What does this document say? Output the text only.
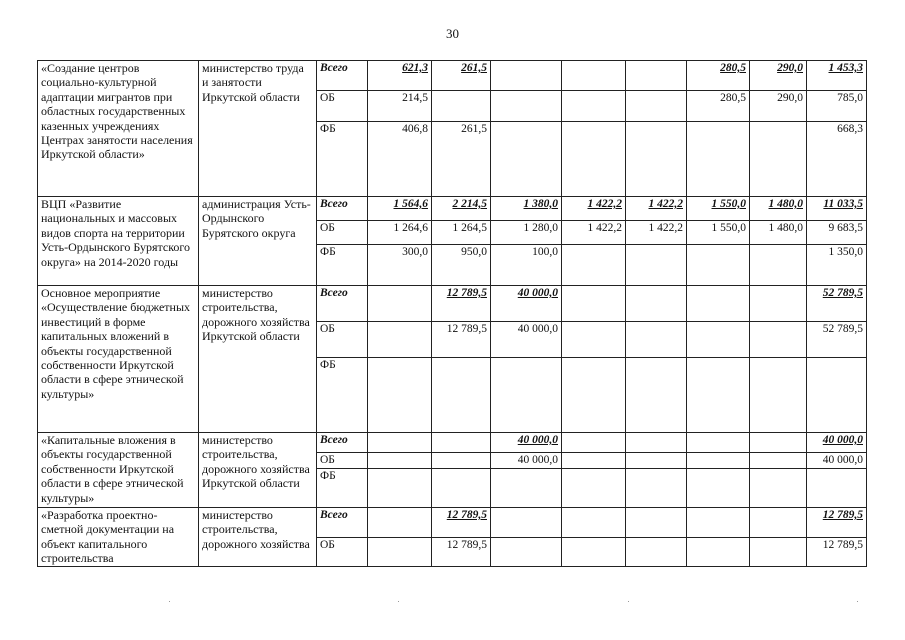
30
«Создание центров социально-культурной адаптации мигрантов при областных государственных казенных учреждениях Центрах занятости населения Иркутской области»	министерство труда и занятости Иркутской области	Всего	621,3	261,5				280,5	290,0	1 453,3
		ОБ	214,5					280,5	290,0	785,0
		ФБ	406,8	261,5						668,3
ВЦП «Развитие национальных и массовых видов спорта на территории Усть-Ордынского Бурятского округа» на 2014-2020 годы	администрация Усть-Ордынского Бурятского округа	Всего	1 564,6	2 214,5	1 380,0	1 422,2	1 422,2	1 550,0	1 480,0	11 033,5
		ОБ	1 264,6	1 264,5	1 280,0	1 422,2	1 422,2	1 550,0	1 480,0	9 683,5
		ФБ	300,0	950,0	100,0					1 350,0
Основное мероприятие «Осуществление бюджетных инвестиций в форме капитальных вложений в объекты государственной собственности Иркутской области в сфере этнической культуры»	министерство строительства, дорожного хозяйства Иркутской области	Всего		12 789,5	40 000,0					52 789,5
		ОБ		12 789,5	40 000,0					52 789,5
		ФБ								
«Капитальные вложения в объекты государственной собственности Иркутской области в сфере этнической культуры»	министерство строительства, дорожного хозяйства Иркутской области	Всего			40 000,0					40 000,0
		ОБ			40 000,0					40 000,0
		ФБ								
«Разработка проектно-сметной документации на объект капитального строительства	министерство строительства, дорожного хозяйства	Всего		12 789,5						12 789,5
		ОБ		12 789,5						12 789,5
